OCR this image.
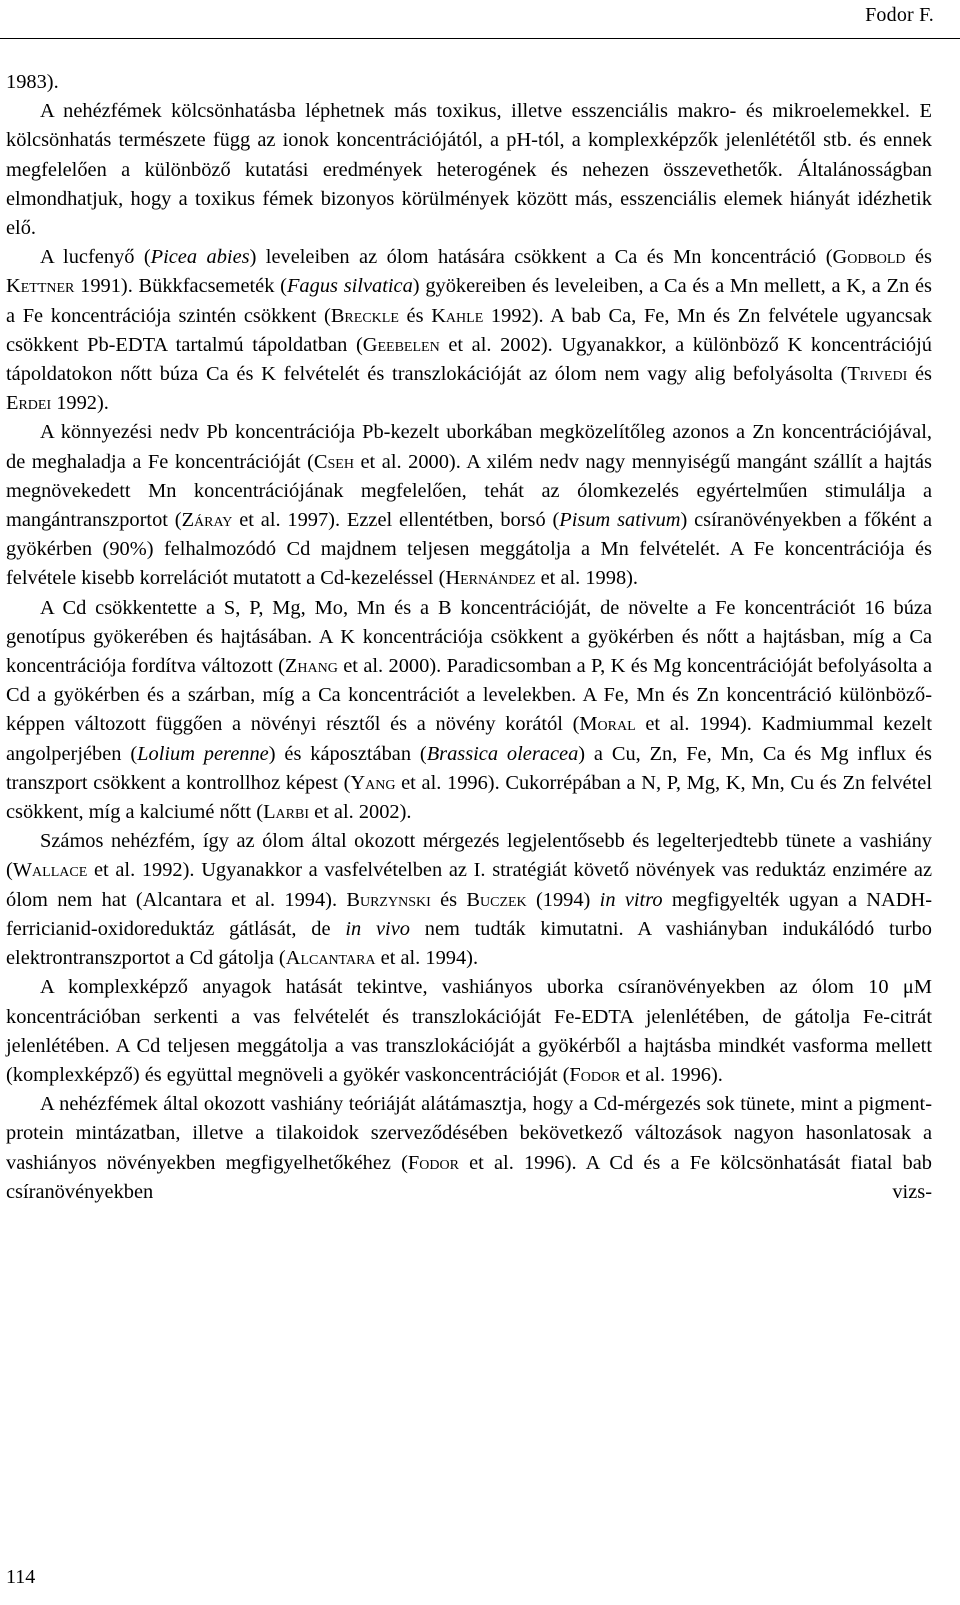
Fodor F.

1983).

A nehézfémek kölcsönhatásba léphetnek más toxikus, illetve esszenciális makro- és mikroelemekkel. E kölcsönhatás természete függ az ionok koncentrációjától, a pH-tól, a komplexképzők jelenlététől stb. és ennek megfelelően a különböző kutatási eredmények heterogének és nehezen összevethetők. Általánosságban elmondhatjuk, hogy a toxikus fémek bizonyos körülmények között más, esszenciális elemek hiányát idézhetik elő.

A lucfenyő (Picea abies) leveleiben az ólom hatására csökkent a Ca és Mn koncentráció (Godbold és Kettner 1991). Bükkfacsemeték (Fagus silvatica) gyökereiben és leveleiben, a Ca és a Mn mellett, a K, a Zn és a Fe koncentrációja szintén csökkent (Breckle és Kahle 1992). A bab Ca, Fe, Mn és Zn felvétele ugyancsak csökkent Pb-EDTA tartalmú tápoldatban (Geebelen et al. 2002). Ugyanakkor, a különböző K koncentrációjú tápoldatokon nőtt búza Ca és K felvételét és transzlokációját az ólom nem vagy alig befolyásolta (Trivedi és Erdei 1992).

A könnyezési nedv Pb koncentrációja Pb-kezelt uborkában megközelítőleg azonos a Zn koncentrációjával, de meghaladja a Fe koncentrációját (Cseh et al. 2000). A xilém nedv nagy mennyiségű mangánt szállít a hajtás megnövekedett Mn koncentrációjának megfelelően, tehát az ólomkezelés egyértelműen stimulálja a mangántranszportot (Záray et al. 1997). Ezzel ellentétben, borsó (Pisum sativum) csíranövényekben a főként a gyökérben (90%) felhalmozódó Cd majdnem teljesen meggátolja a Mn felvételét. A Fe koncentrációja és felvétele kisebb korrelációt mutatott a Cd-kezeléssel (Hernández et al. 1998).

A Cd csökkentette a S, P, Mg, Mo, Mn és a B koncentrációját, de növelte a Fe koncentrációt 16 búza genotípus gyökerében és hajtásában. A K koncentrációja csökkent a gyökérben és nőtt a hajtásban, míg a Ca koncentrációja fordítva változott (Zhang et al. 2000). Paradicsomban a P, K és Mg koncentrációját befolyásolta a Cd a gyökérben és a szárban, míg a Ca koncentrációt a levelekben. A Fe, Mn és Zn koncentráció különbözőképpen változott függően a növényi résztől és a növény korától (Moral et al. 1994). Kadmiummal kezelt angolperjében (Lolium perenne) és káposztában (Brassica oleracea) a Cu, Zn, Fe, Mn, Ca és Mg influx és transzport csökkent a kontrollhoz képest (Yang et al. 1996). Cukorrépában a N, P, Mg, K, Mn, Cu és Zn felvétel csökkent, míg a kalciumé nőtt (Larbi et al. 2002).

Számos nehézfém, így az ólom által okozott mérgezés legjelentősebb és legelterjedtebb tünete a vashiány (Wallace et al. 1992). Ugyanakkor a vasfelvételben az I. stratégiát követő növények vas reduktáz enzimére az ólom nem hat (Alcantara et al. 1994). Burzynski és Buczek (1994) in vitro megfigyelték ugyan a NADH-ferricianid-oxidoreduktáz gátlását, de in vivo nem tudták kimutatni. A vashiányban indukálódó turbo elektrontranszportot a Cd gátolja (Alcantara et al. 1994).

A komplexképző anyagok hatását tekintve, vashiányos uborka csíranövényekben az ólom 10 μM koncentrációban serkenti a vas felvételét és transzlokációját Fe-EDTA jelenlétében, de gátolja Fe-citrát jelenlétében. A Cd teljesen meggátolja a vas transzlokációját a gyökérből a hajtásba mindkét vasforma mellett (komplexképző) és együttal megnöveli a gyökér vaskoncentrációját (Fodor et al. 1996).

A nehézfémek által okozott vashiány teóriáját alátámasztja, hogy a Cd-mérgezés sok tünete, mint a pigment-protein mintázatban, illetve a tilakoidok szerveződésében bekövetkező változások nagyon hasonlatosak a vashiányos növényekben megfigyelhetőkéhez (Fodor et al. 1996). A Cd és a Fe kölcsönhatását fiatal bab csíranövényekben vizs-

114
